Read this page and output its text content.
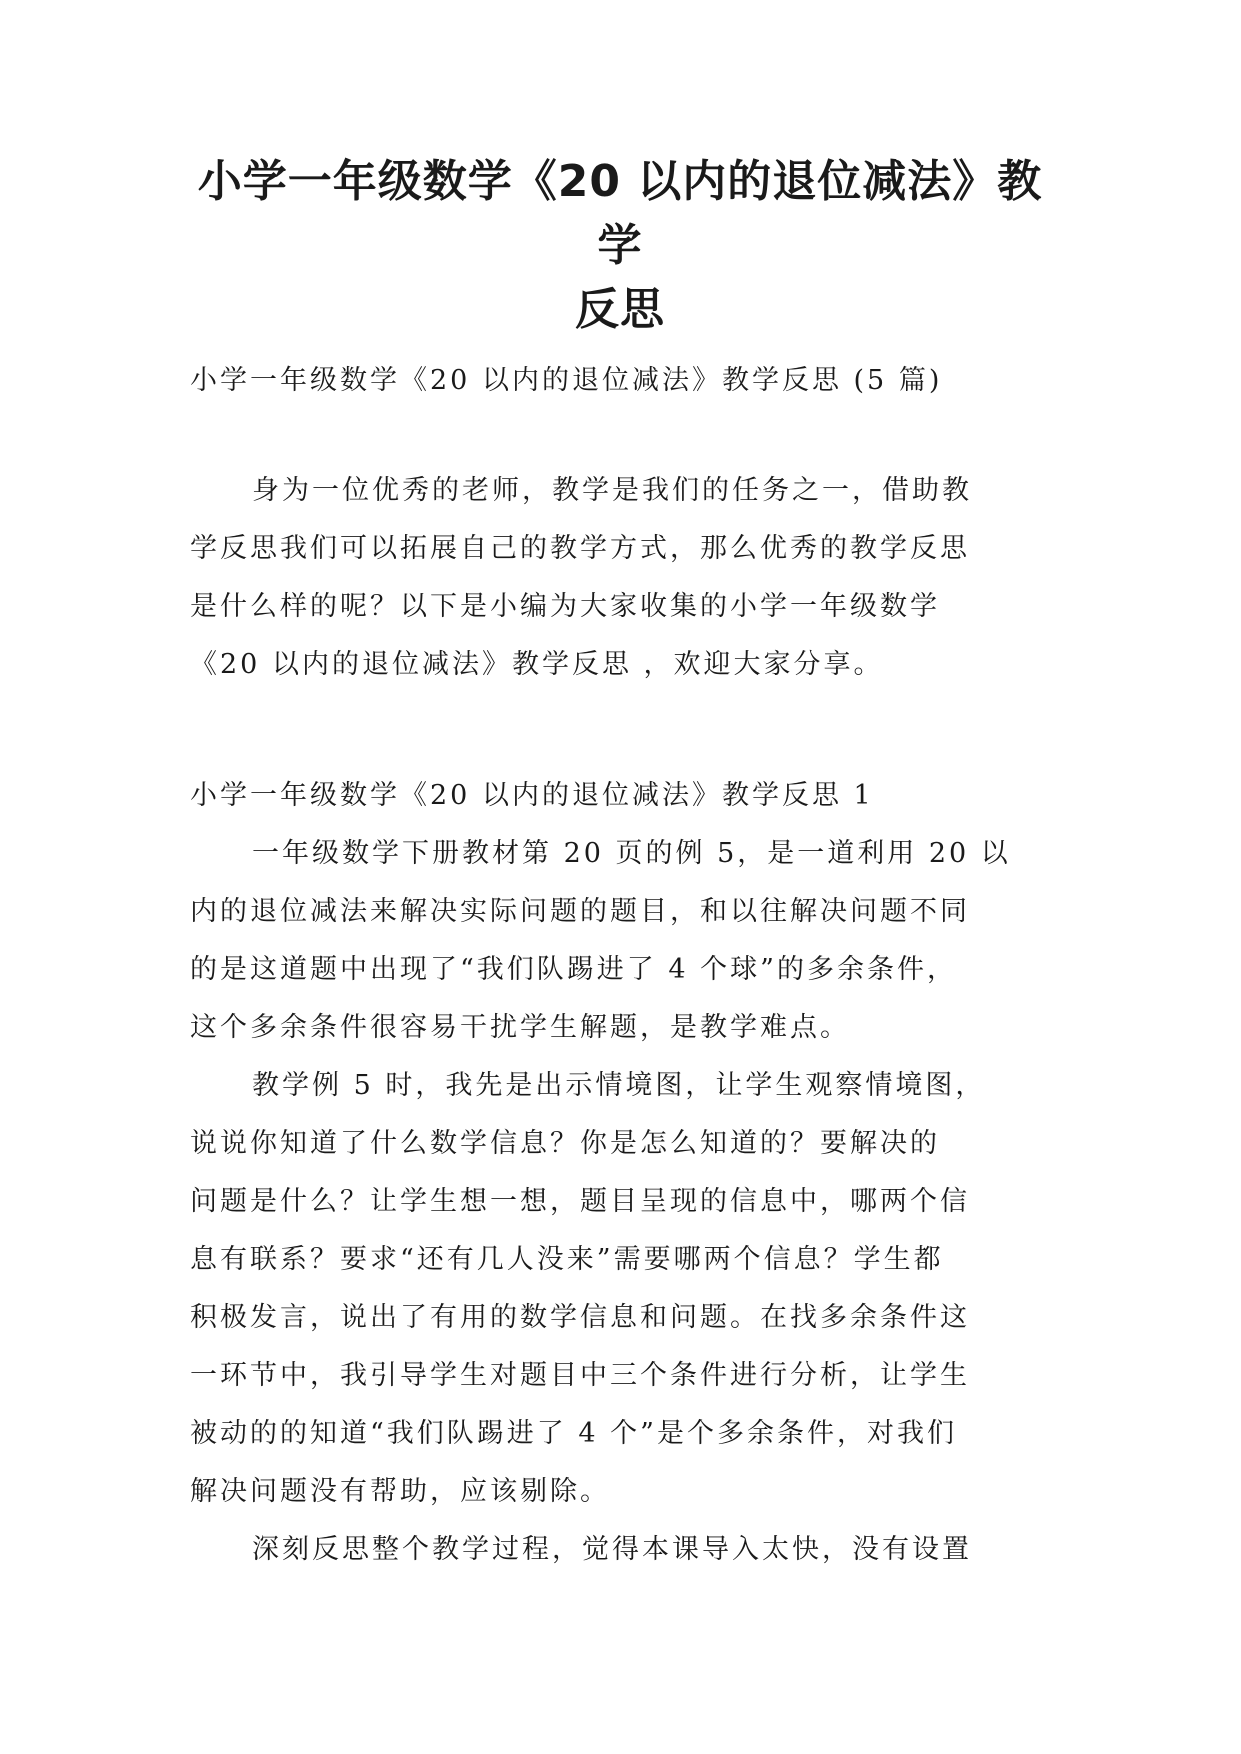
小学一年级数学《20 以内的退位减法》教学
反思

小学一年级数学《20 以内的退位减法》教学反思 (5 篇)

身为一位优秀的老师，教学是我们的任务之一，借助教
学反思我们可以拓展自己的教学方式，那么优秀的教学反思
是什么样的呢？以下是小编为大家收集的小学一年级数学
《20 以内的退位减法》教学反思 ，欢迎大家分享。

小学一年级数学《20 以内的退位减法》教学反思 1

一年级数学下册教材第 20 页的例 5，是一道利用 20 以
内的退位减法来解决实际问题的题目，和以往解决问题不同
的是这道题中出现了“我们队踢进了 4 个球”的多余条件，
这个多余条件很容易干扰学生解题，是教学难点。
教学例 5 时，我先是出示情境图，让学生观察情境图，
说说你知道了什么数学信息？你是怎么知道的？要解决的
问题是什么？让学生想一想，题目呈现的信息中，哪两个信
息有联系？要求“还有几人没来”需要哪两个信息？学生都
积极发言，说出了有用的数学信息和问题。在找多余条件这
一环节中，我引导学生对题目中三个条件进行分析，让学生
被动的的知道“我们队踢进了 4 个”是个多余条件，对我们
解决问题没有帮助，应该剔除。
深刻反思整个教学过程，觉得本课导入太快，没有设置
